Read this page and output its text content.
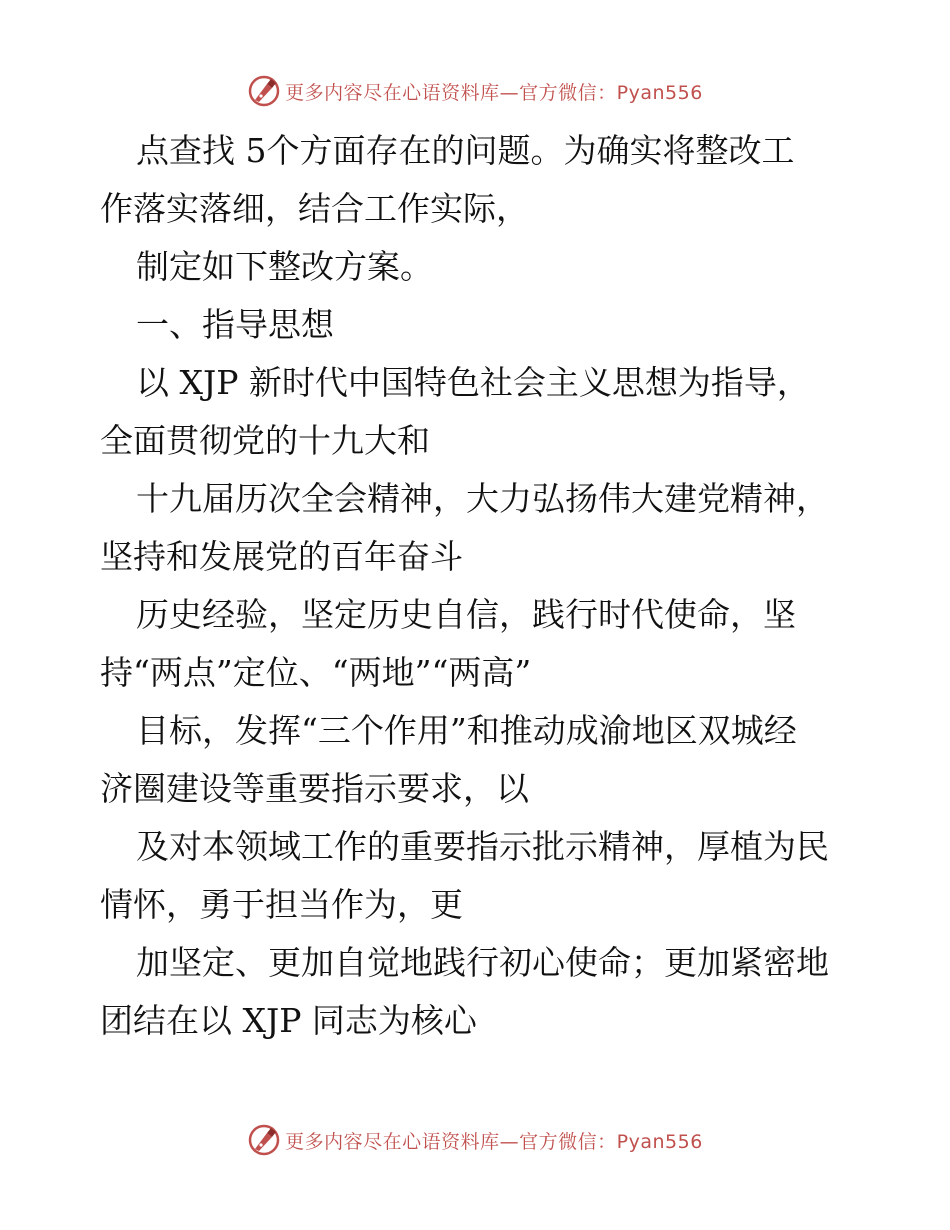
更多内容尽在心语资料库—官方微信：Pyan556
点查找 5个方面存在的问题。为确实将整改工
作落实落细，结合工作实际，
制定如下整改方案。
一、指导思想
以 XJP 新时代中国特色社会主义思想为指导，
全面贯彻党的十九大和
十九届历次全会精神，大力弘扬伟大建党精神，
坚持和发展党的百年奋斗
历史经验，坚定历史自信，践行时代使命，坚
持“两点”定位、“两地”“两高”
目标，发挥“三个作用”和推动成渝地区双城经
济圈建设等重要指示要求，以
及对本领域工作的重要指示批示精神，厚植为民
情怀，勇于担当作为，更
加坚定、更加自觉地践行初心使命；更加紧密地
团结在以 XJP 同志为核心
更多内容尽在心语资料库—官方微信：Pyan556
